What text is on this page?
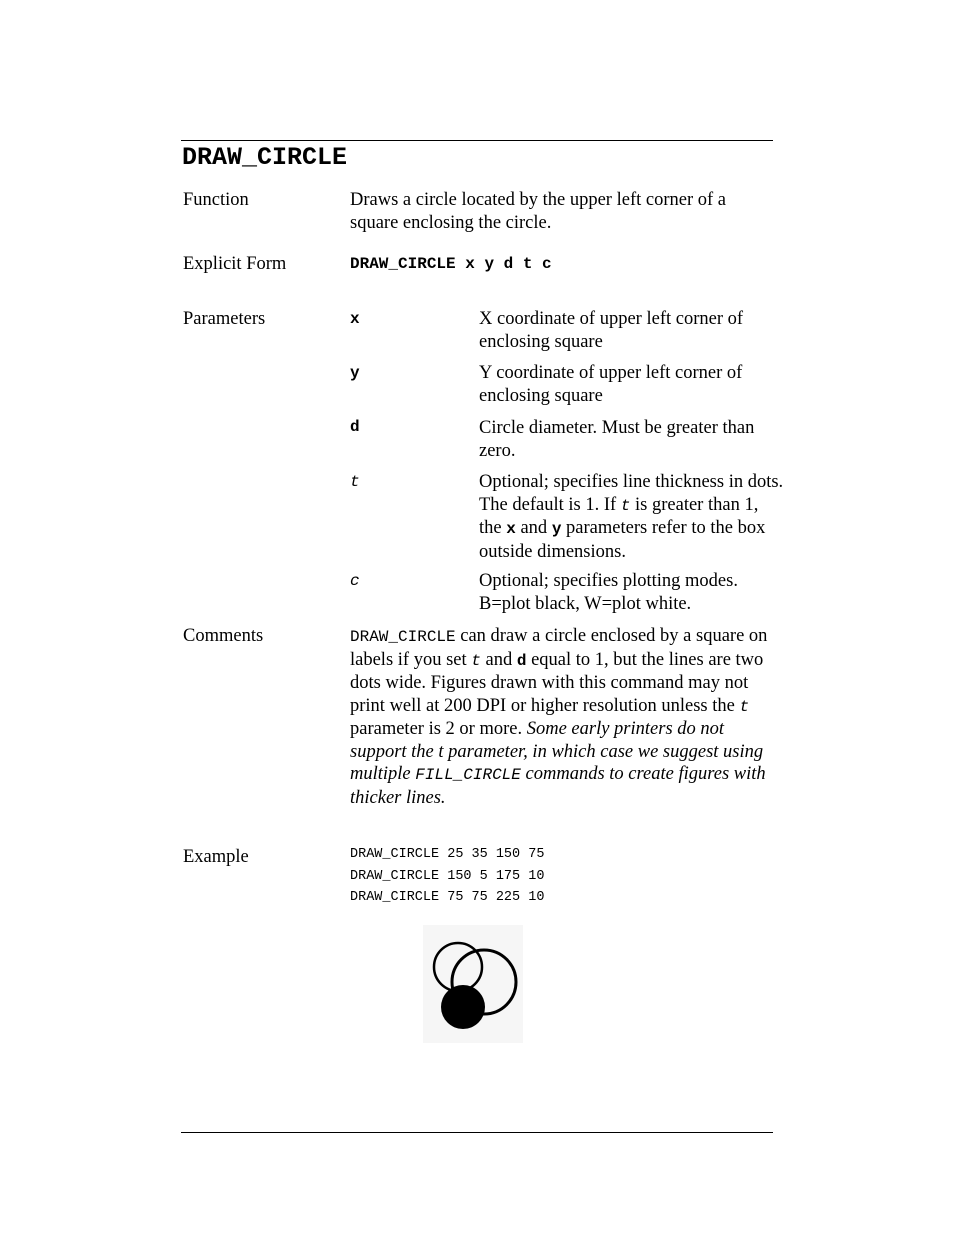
DRAW_CIRCLE
Function	Draws a circle located by the upper left corner of a square enclosing the circle.
Explicit Form	DRAW_CIRCLE x y d t c
Parameters	x	X coordinate of upper left corner of enclosing square
y	Y coordinate of upper left corner of enclosing square
d	Circle diameter. Must be greater than zero.
t	Optional; specifies line thickness in dots. The default is 1. If t is greater than 1, the x and y parameters refer to the box outside dimensions.
c	Optional; specifies plotting modes. B=plot black, W=plot white.
Comments	DRAW_CIRCLE can draw a circle enclosed by a square on labels if you set t and d equal to 1, but the lines are two dots wide. Figures drawn with this command may not print well at 200 DPI or higher resolution unless the t parameter is 2 or more. Some early printers do not support the t parameter, in which case we suggest using multiple FILL_CIRCLE commands to create figures with thicker lines.
Example	DRAW_CIRCLE 25 35 150 75
DRAW_CIRCLE 150 5 175 10
DRAW_CIRCLE 75 75 225 10
